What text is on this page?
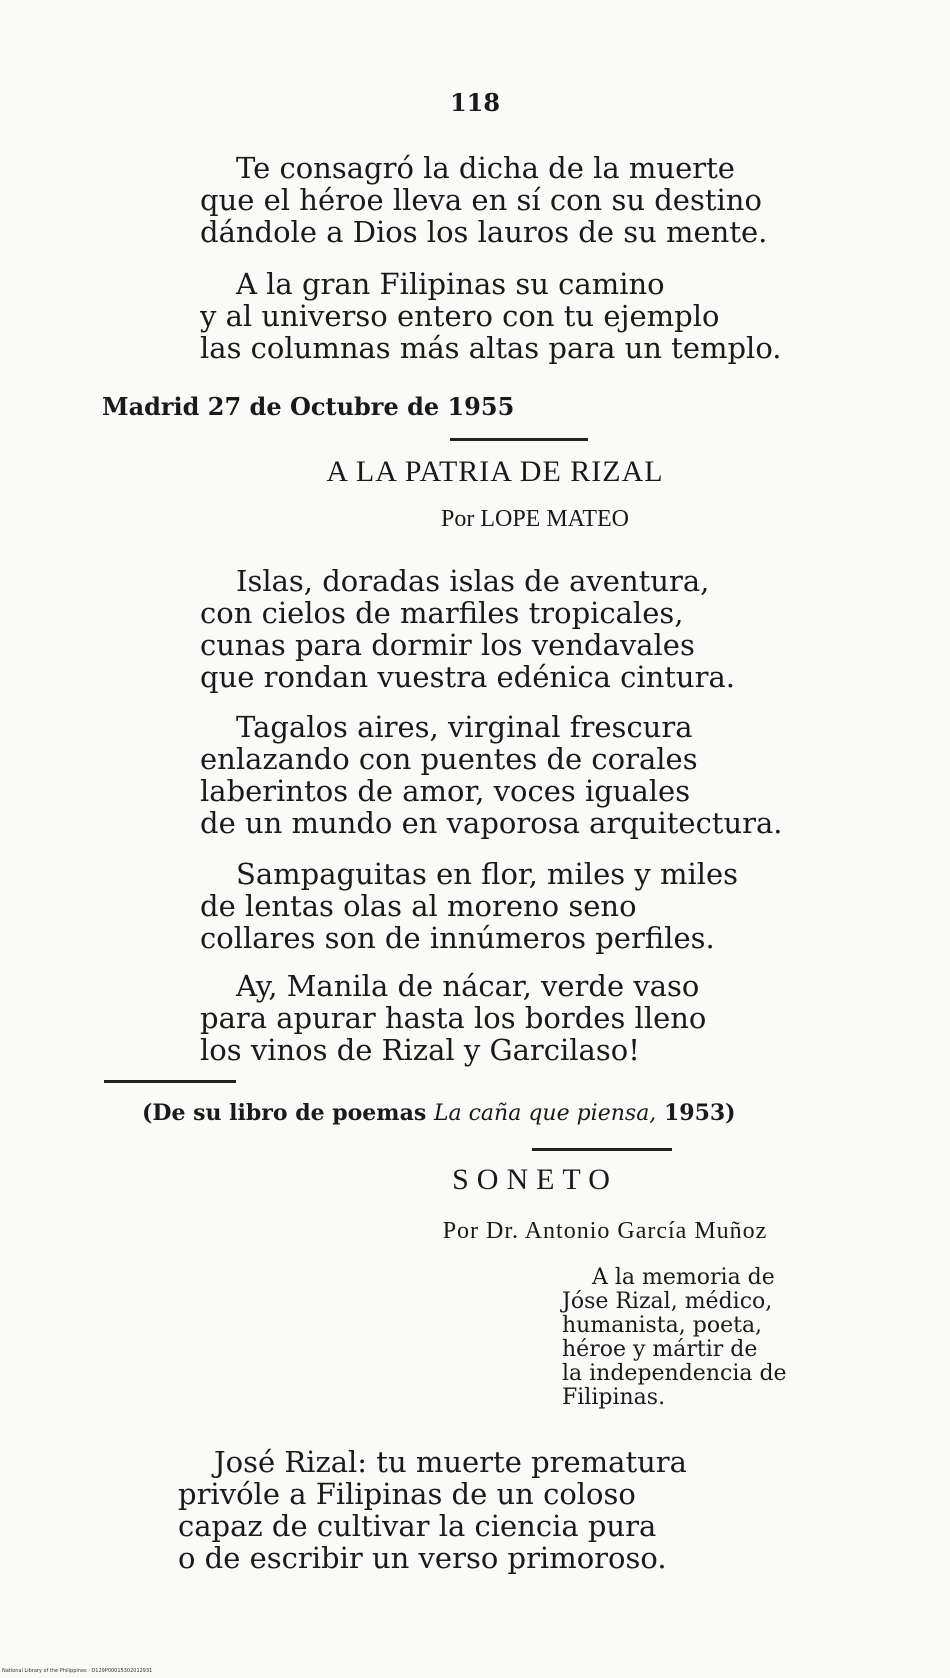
118
Te consagró la dicha de la muerte
que el héroe lleva en sí con su destino
dándole a Dios los lauros de su mente.
A la gran Filipinas su camino
y al universo entero con tu ejemplo
las columnas más altas para un templo.
Madrid 27 de Octubre de 1955
A LA PATRIA DE RIZAL
Por LOPE MATEO
Islas, doradas islas de aventura,
con cielos de marfiles tropicales,
cunas para dormir los vendavales
que rondan vuestra edénica cintura.
Tagalos aires, virginal frescura
enlazando con puentes de corales
laberintos de amor, voces iguales
de un mundo en vaporosa arquitectura.
Sampaguitas en flor, miles y miles
de lentas olas al moreno seno
collares son de innúmeros perfiles.
Ay, Manila de nácar, verde vaso
para apurar hasta los bordes lleno
los vinos de Rizal y Garcilaso!
(De su libro de poemas La caña que piensa, 1953)
SONETO
Por Dr. Antonio García Muñoz
A la memoria de
Jóse Rizal, médico,
humanista, poeta,
héroe y mártir de
la independencia de
Filipinas.
José Rizal: tu muerte prematura
privóle a Filipinas de un coloso
capaz de cultivar la ciencia pura
o de escribir un verso primoroso.
National Library of the Philippines · D129P00015302012931
